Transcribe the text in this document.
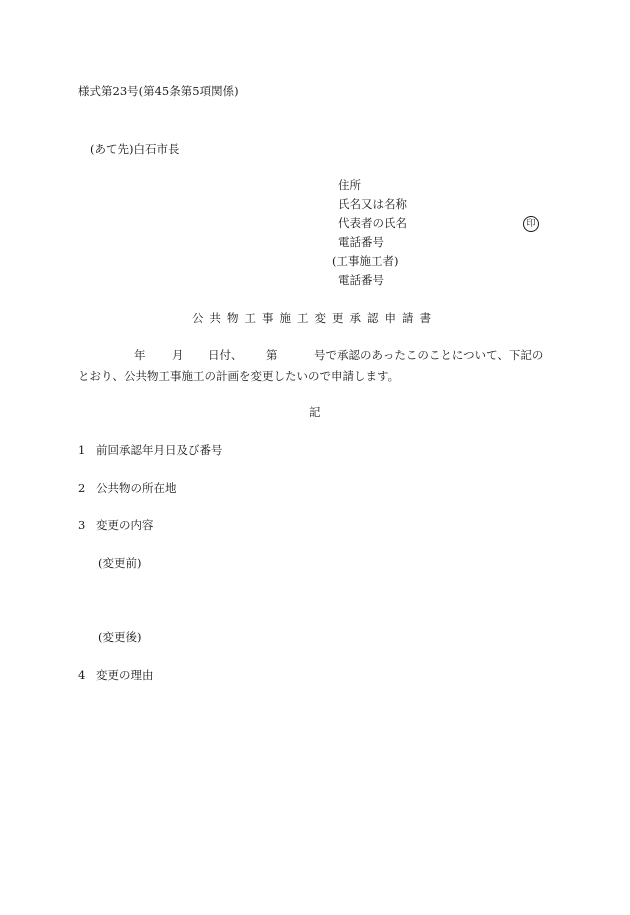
様式第23号(第45条第5項関係)
(あて先)白石市長
住所
氏名又は名称
代表者の氏名	印
電話番号
(工事施工者)
電話番号
公共物工事施工変更承認申請書
年 月 日付、 第	号で承認のあったこのことについて、下記の
とおり、公共物工事施工の計画を変更したいので申請します。
記
1 前回承認年月日及び番号
2 公共物の所在地
3 変更の内容
(変更前)
(変更後)
4 変更の理由
